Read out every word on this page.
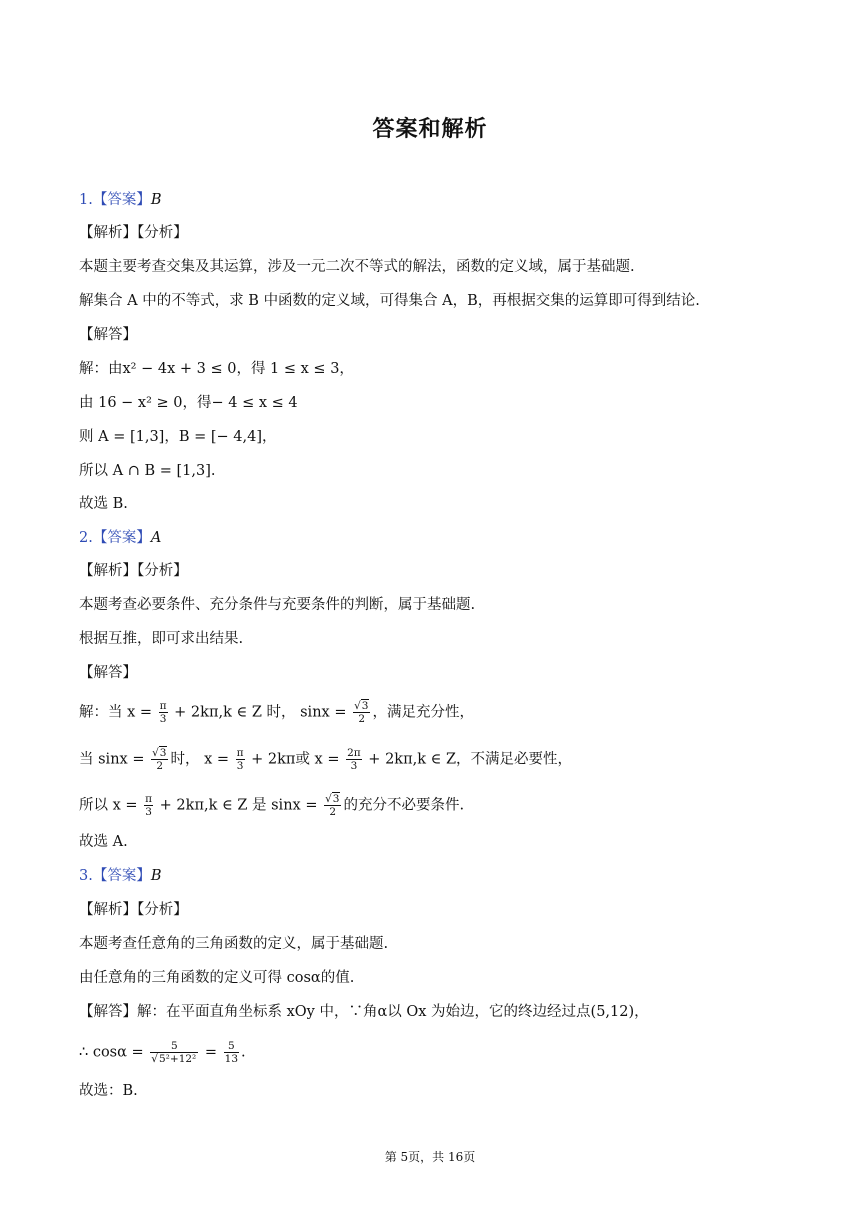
答案和解析
1.【答案】B
【解析】【分析】
本题主要考查交集及其运算，涉及一元二次不等式的解法，函数的定义域，属于基础题.
解集合 A 中的不等式，求 B 中函数的定义域，可得集合 A，B，再根据交集的运算即可得到结论.
【解答】
解：由x² − 4x + 3 ≤ 0，得 1 ≤ x ≤ 3，
由 16 − x² ≥ 0，得− 4 ≤ x ≤ 4
则 A = [1,3]，B = [− 4,4]，
所以 A ∩ B = [1,3].
故选 B.
2.【答案】A
【解析】【分析】
本题考查必要条件、充分条件与充要条件的判断，属于基础题.
根据互推，即可求出结果.
【解答】
解：当 $x = \frac{\pi}{3} + 2k\pi,k$ ∈ Z 时， $\sin x = \frac{√3}{2}$ ，满足充分性，
当 $\sin x = \frac{√3}{2}$ 时， $x = \frac{\pi}{3} + 2k\pi$或 $x = \frac{2\pi}{3} + 2k\pi,k$ ∈ Z，不满足必要性，
所以 $x = \frac{\pi}{3} + 2k\pi,k$ ∈ Z 是 $\sin x = \frac{√3}{2}$ 的充分不必要条件.
故选 A.
3.【答案】B
【解析】【分析】
本题考查任意角的三角函数的定义，属于基础题.
由任意角的三角函数的定义可得 cosα的值.
【解答】解：在平面直角坐标系 xOy 中，∵角α以 Ox 为始边，它的终边经过点(5,12)，
∴ $\cos\alpha = \frac{5}{\text{√5²+12²}} = \frac{5}{13}$ .
故选：B.
第 5页，共 16页
